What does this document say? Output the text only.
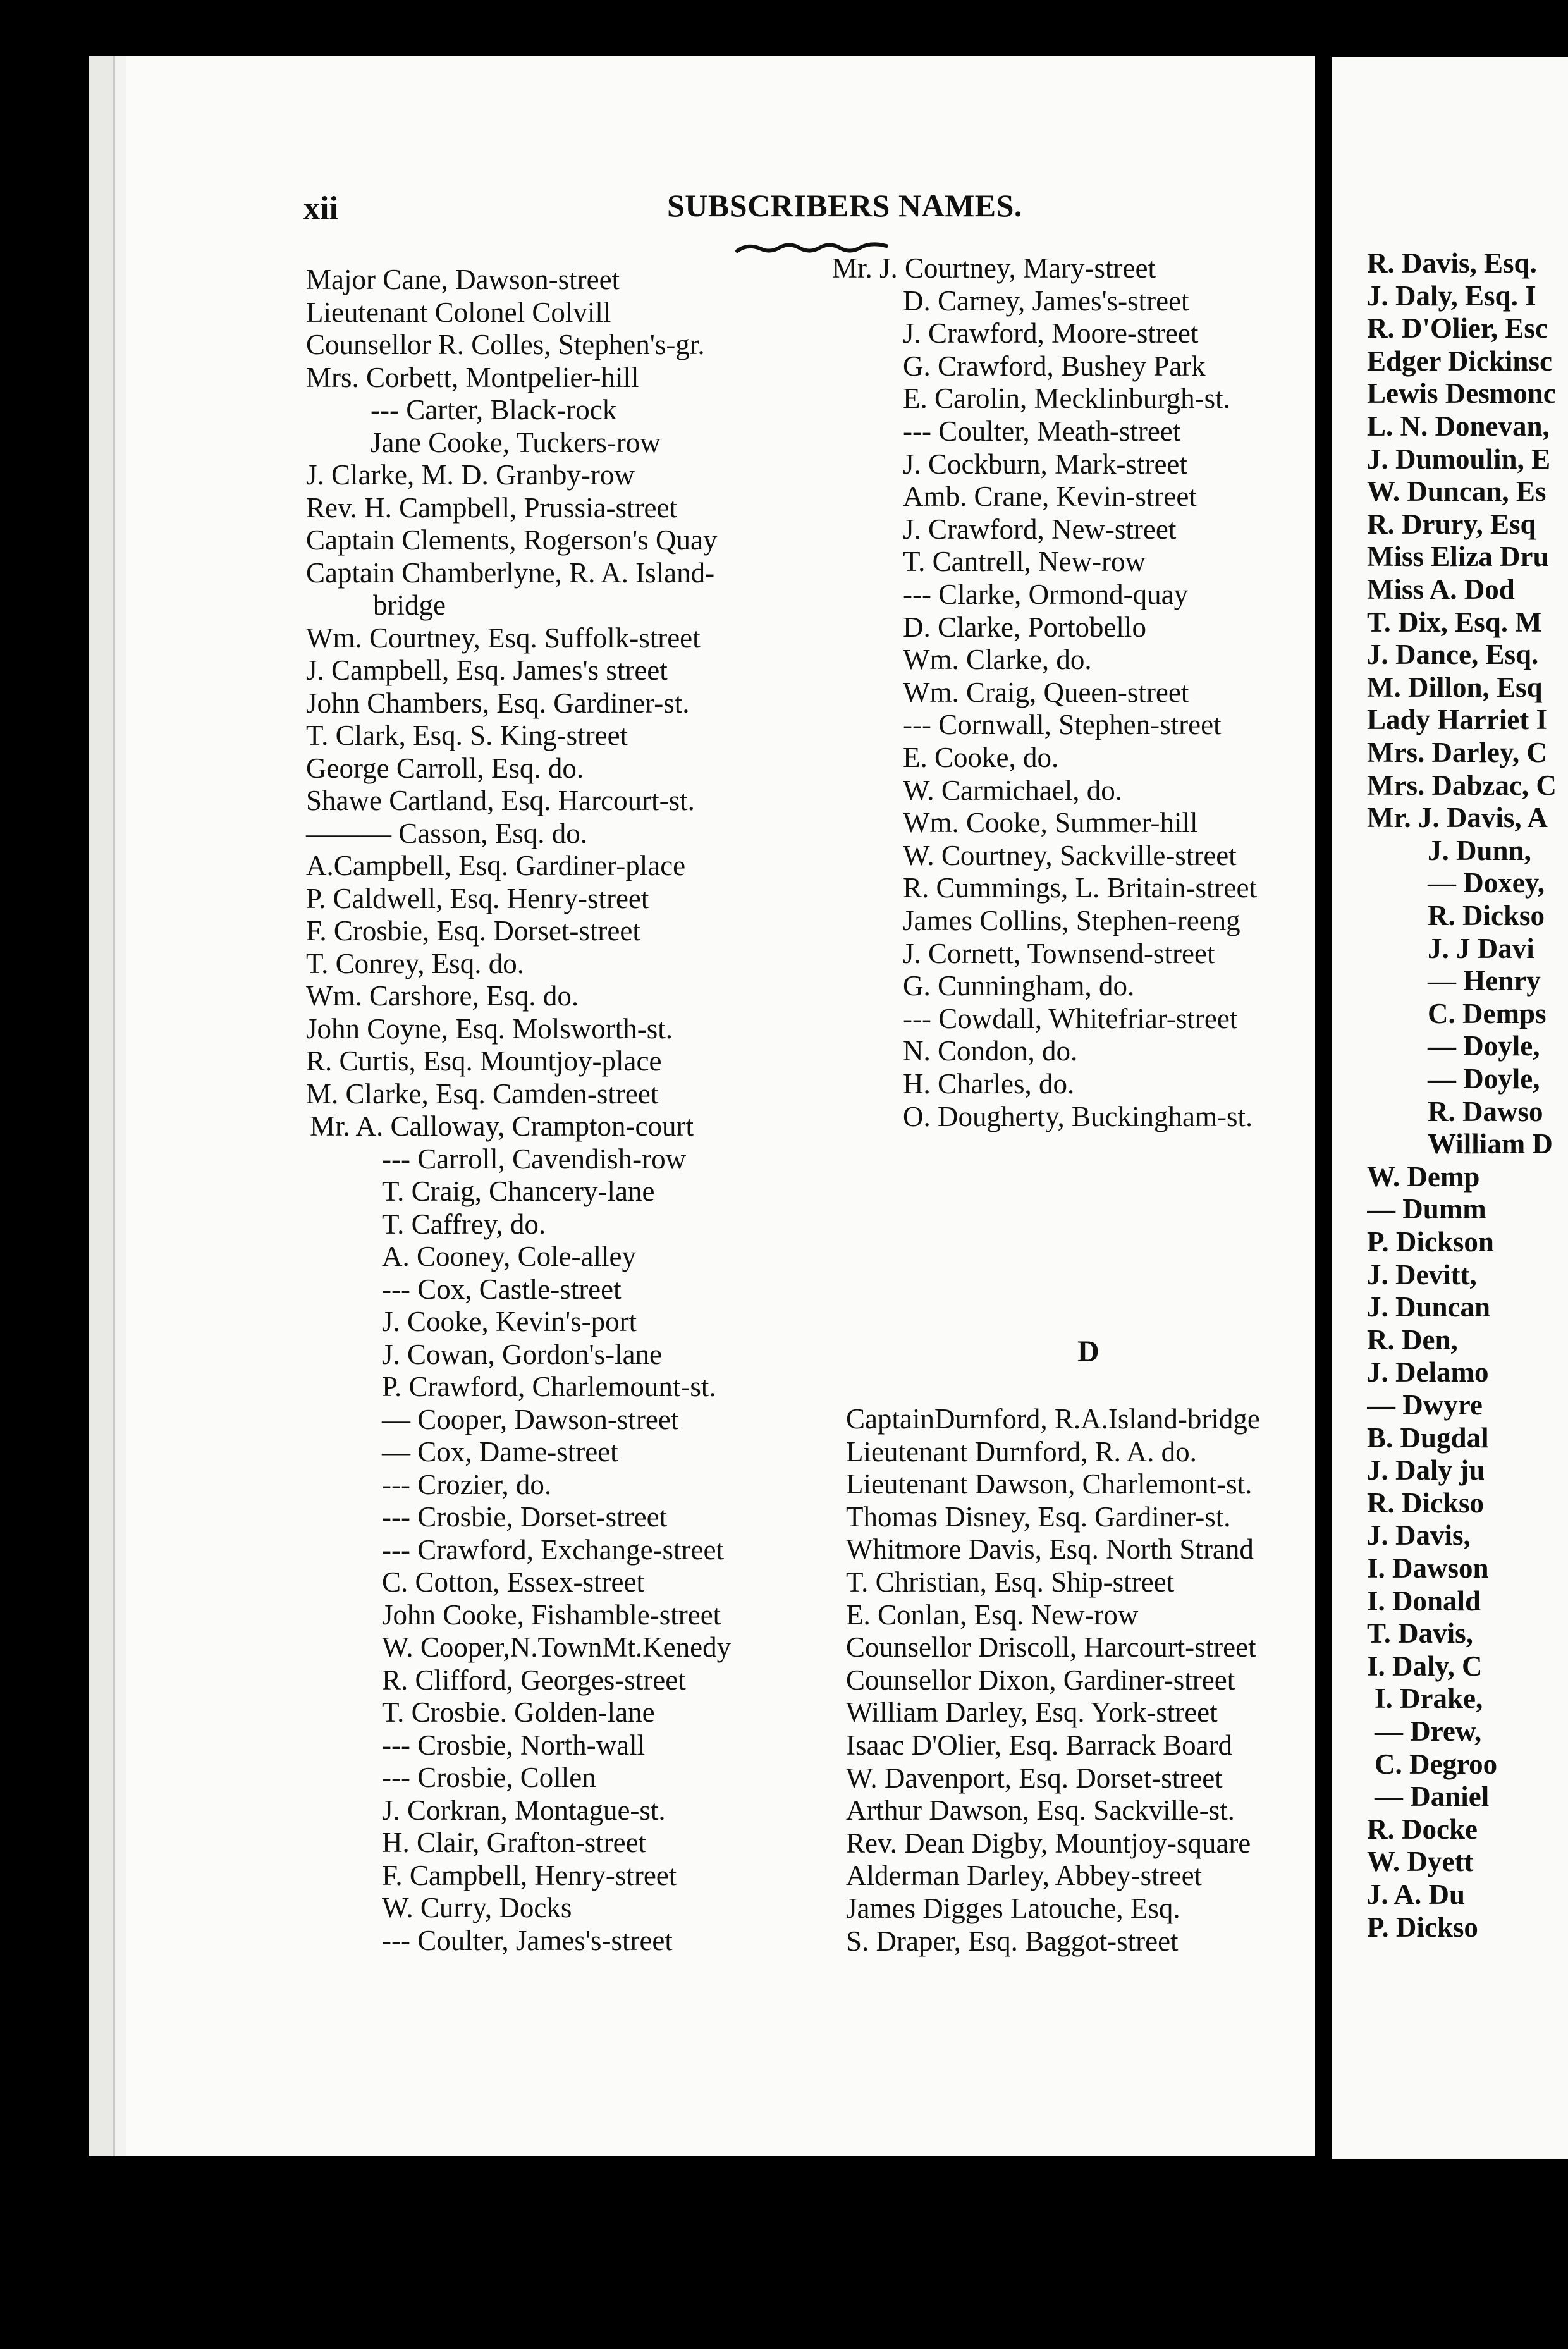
R. Davis, Esq.
J. Daly, Esq. I
R. D'Olier, Esc
Edger Dickinsc
Lewis Desmonc
L. N. Donevan,
J. Dumoulin, E
W. Duncan, Es
R. Drury, Esq
Miss Eliza Dru
Miss A. Dod
T. Dix, Esq. M
J. Dance, Esq.
M. Dillon, Esq
Lady Harriet I
Mrs. Darley, C
Mrs. Dabzac, C
Mr. J. Davis, A
J. Dunn,
— Doxey,
R. Dickso
J. J Davi
— Henry
C. Demps
— Doyle,
— Doyle,
R. Dawso
William D
W. Demp
— Dumm
P. Dickson
J. Devitt,
J. Duncan
R. Den,
J. Delamo
— Dwyre
B. Dugdal
J. Daly ju
R. Dickso
J. Davis,
I. Dawson
I. Donald
T. Davis,
I. Daly, C
I. Drake,
— Drew,
C. Degroo
— Daniel
R. Docke
W. Dyett
J. A. Du
P. Dickso
xii	SUBSCRIBERS NAMES.
Major Cane, Dawson-street
Lieutenant Colonel Colvill
Counsellor R. Colles, Stephen's-gr.
Mrs. Corbett, Montpelier-hill
--- Carter, Black-rock
Jane Cooke, Tuckers-row
J. Clarke, M. D. Granby-row
Rev. H. Campbell, Prussia-street
Captain Clements, Rogerson's Quay
Captain Chamberlyne, R. A. Island-
bridge
Wm. Courtney, Esq. Suffolk-street
J. Campbell, Esq. James's street
John Chambers, Esq. Gardiner-st.
T. Clark, Esq. S. King-street
George Carroll, Esq. do.
Shawe Cartland, Esq. Harcourt-st.
——— Casson, Esq. do.
A.Campbell, Esq. Gardiner-place
P. Caldwell, Esq. Henry-street
F. Crosbie, Esq. Dorset-street
T. Conrey, Esq. do.
Wm. Carshore, Esq. do.
John Coyne, Esq. Molsworth-st.
R. Curtis, Esq. Mountjoy-place
M. Clarke, Esq. Camden-street
Mr. A. Calloway, Crampton-court
--- Carroll, Cavendish-row
T. Craig, Chancery-lane
T. Caffrey, do.
A. Cooney, Cole-alley
--- Cox, Castle-street
J. Cooke, Kevin's-port
J. Cowan, Gordon's-lane
P. Crawford, Charlemount-st.
— Cooper, Dawson-street
— Cox, Dame-street
--- Crozier, do.
--- Crosbie, Dorset-street
--- Crawford, Exchange-street
C. Cotton, Essex-street
John Cooke, Fishamble-street
W. Cooper,N.TownMt.Kenedy
R. Clifford, Georges-street
T. Crosbie. Golden-lane
--- Crosbie, North-wall
--- Crosbie, Collen
J. Corkran, Montague-st.
H. Clair, Grafton-street
F. Campbell, Henry-street
W. Curry, Docks
--- Coulter, James's-street
Mr. J. Courtney, Mary-street
D. Carney, James's-street
J. Crawford, Moore-street
G. Crawford, Bushey Park
E. Carolin, Mecklinburgh-st.
--- Coulter, Meath-street
J. Cockburn, Mark-street
Amb. Crane, Kevin-street
J. Crawford, New-street
T. Cantrell, New-row
--- Clarke, Ormond-quay
D. Clarke, Portobello
Wm. Clarke, do.
Wm. Craig, Queen-street
--- Cornwall, Stephen-street
E. Cooke, do.
W. Carmichael, do.
Wm. Cooke, Summer-hill
W. Courtney, Sackville-street
R. Cummings, L. Britain-street
James Collins, Stephen-reeng
J. Cornett, Townsend-street
G. Cunningham, do.
--- Cowdall, Whitefriar-street
N. Condon, do.
H. Charles, do.
O. Dougherty, Buckingham-st.
D
CaptainDurnford, R.A.Island-bridge
Lieutenant Durnford, R. A. do.
Lieutenant Dawson, Charlemont-st.
Thomas Disney, Esq. Gardiner-st.
Whitmore Davis, Esq. North Strand
T. Christian, Esq. Ship-street
E. Conlan, Esq. New-row
Counsellor Driscoll, Harcourt-street
Counsellor Dixon, Gardiner-street
William Darley, Esq. York-street
Isaac D'Olier, Esq. Barrack Board
W. Davenport, Esq. Dorset-street
Arthur Dawson, Esq. Sackville-st.
Rev. Dean Digby, Mountjoy-square
Alderman Darley, Abbey-street
James Digges Latouche, Esq.
S. Draper, Esq. Baggot-street
